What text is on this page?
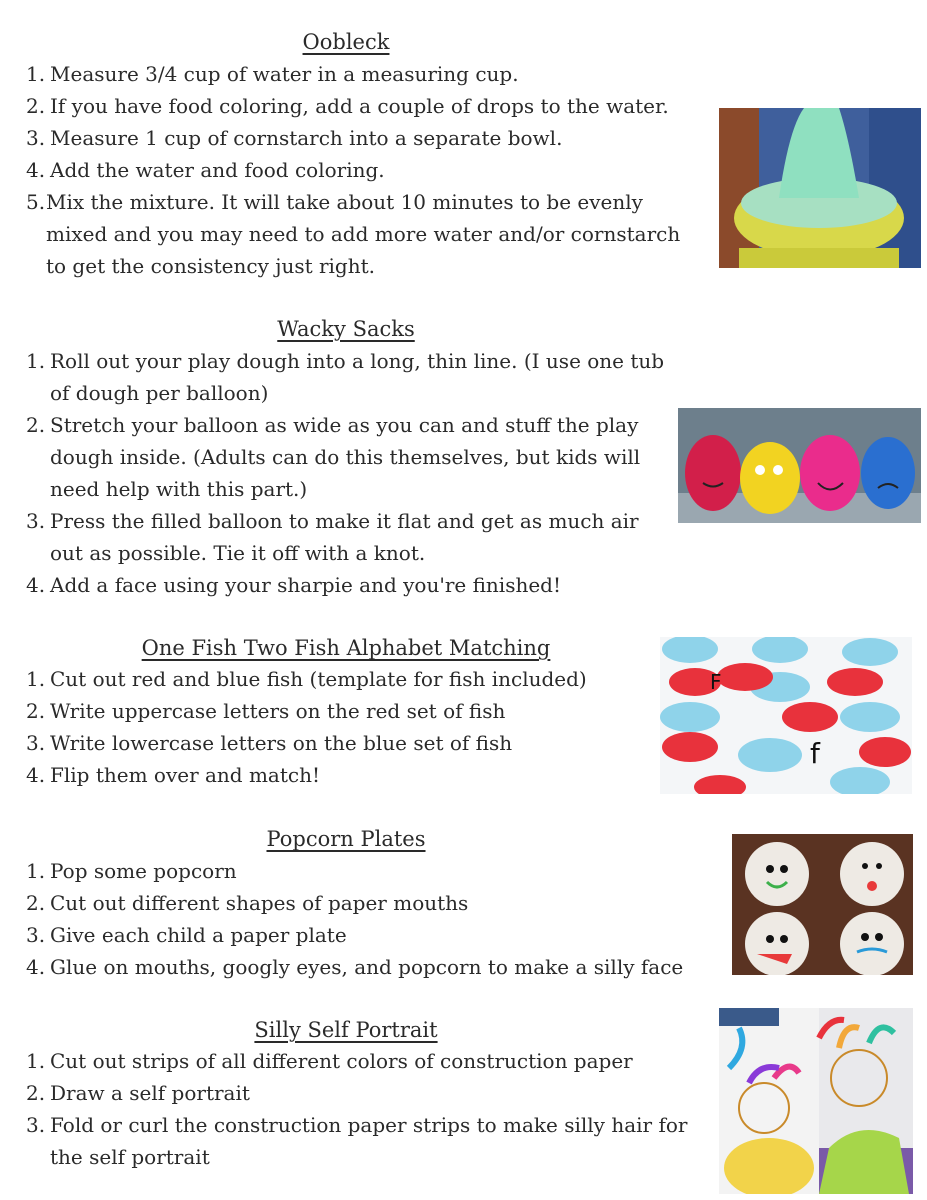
Oobleck
1. Measure 3/4 cup of water in a measuring cup.
2. If you have food coloring, add a couple of drops to the water.
3. Measure 1 cup of cornstarch into a separate bowl.
4. Add the water and food coloring.
5. Mix the mixture. It will take about 10 minutes to be evenly mixed and you may need to add more water and/or cornstarch to get the consistency just right.
Wacky Sacks
1. Roll out your play dough into a long, thin line. (I use one tub of dough per balloon)
2. Stretch your balloon as wide as you can and stuff the play dough inside. (Adults can do this themselves, but kids will need help with this part.)
3. Press the filled balloon to make it flat and get as much air out as possible. Tie it off with a knot.
4. Add a face using your sharpie and you're finished!
One Fish Two Fish Alphabet Matching
1. Cut out red and blue fish (template for fish included)
2. Write uppercase letters on the red set of fish
3. Write lowercase letters on the blue set of fish
4. Flip them over and match!
F
f
Popcorn Plates
1. Pop some popcorn
2. Cut out different shapes of paper mouths
3. Give each child a paper plate
4. Glue on mouths, googly eyes, and popcorn to make a silly face
Silly Self Portrait
1. Cut out strips of all different colors of construction paper
2. Draw a self portrait
3. Fold or curl the construction paper strips to make silly hair for the self portrait
